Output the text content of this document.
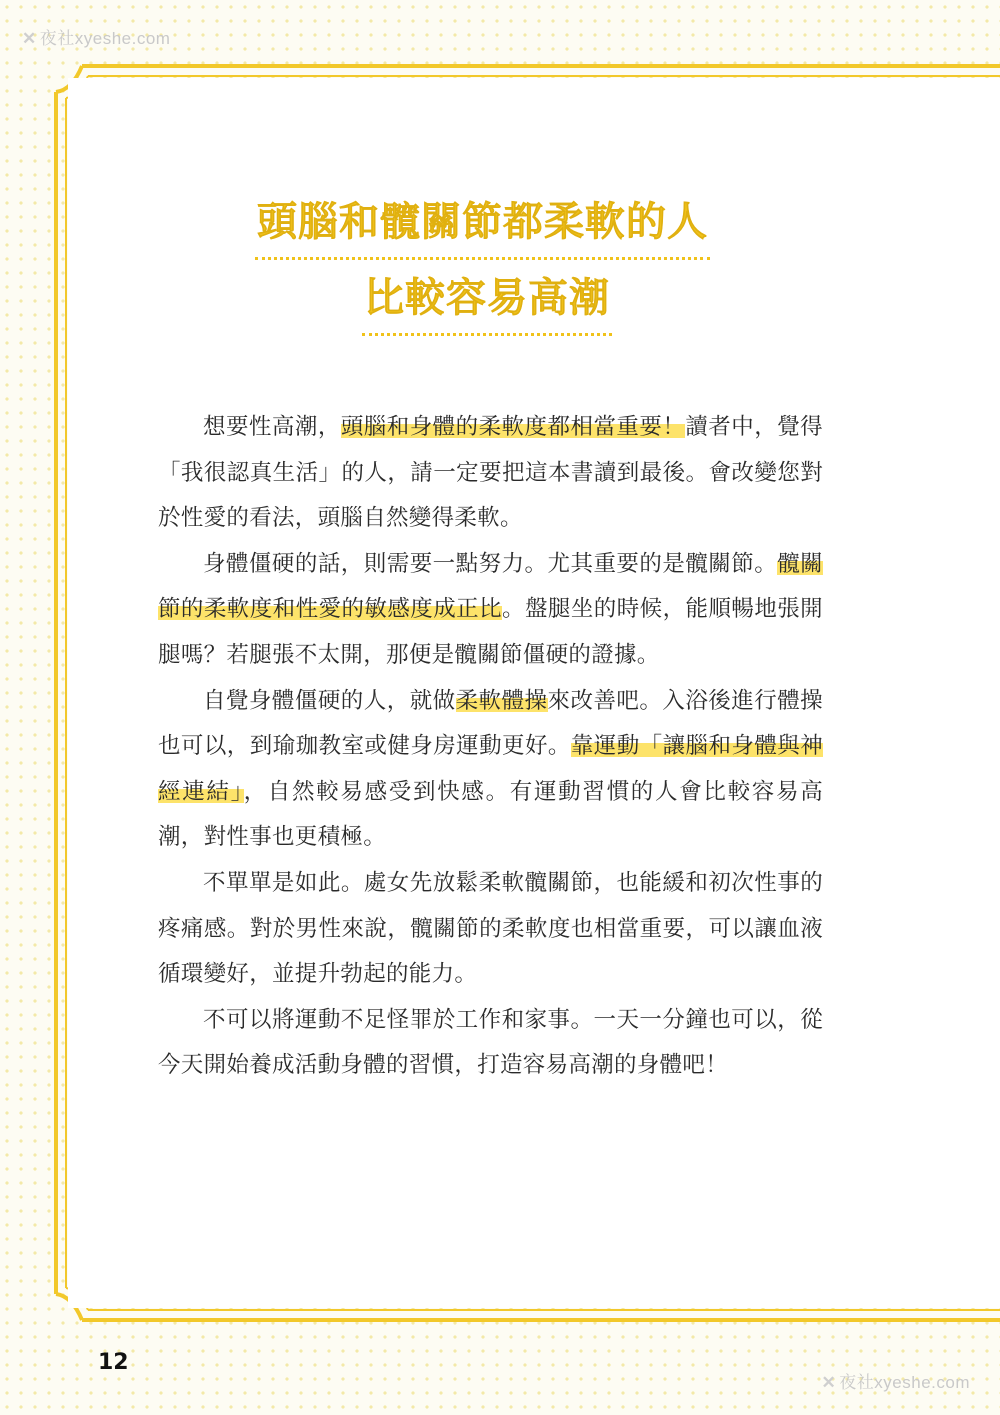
✕ 夜社xyeshe.com
頭腦和髖關節都柔軟的人
比較容易高潮

想要性高潮，頭腦和身體的柔軟度都相當重要！讀者中，覺得「我很認真生活」的人，請一定要把這本書讀到最後。會改變您對於性愛的看法，頭腦自然變得柔軟。

身體僵硬的話，則需要一點努力。尤其重要的是髖關節。髖關節的柔軟度和性愛的敏感度成正比。盤腿坐的時候，能順暢地張開腿嗎？若腿張不太開，那便是髖關節僵硬的證據。

自覺身體僵硬的人，就做柔軟體操來改善吧。入浴後進行體操也可以，到瑜珈教室或健身房運動更好。靠運動「讓腦和身體與神經連結」，自然較易感受到快感。有運動習慣的人會比較容易高潮，對性事也更積極。

不單單是如此。處女先放鬆柔軟髖關節，也能緩和初次性事的疼痛感。對於男性來說，髖關節的柔軟度也相當重要，可以讓血液循環變好，並提升勃起的能力。

不可以將運動不足怪罪於工作和家事。一天一分鐘也可以，從今天開始養成活動身體的習慣，打造容易高潮的身體吧！

12
✕ 夜社xyeshe.com
